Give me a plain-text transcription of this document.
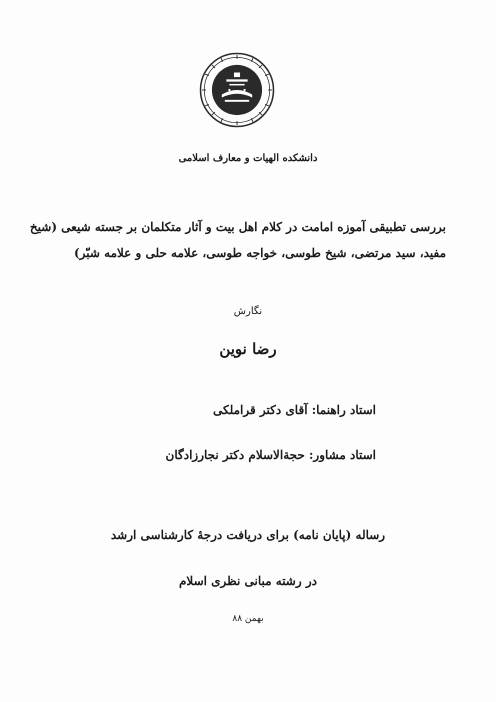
دانشکده الهیات و معارف اسلامی
بررسی تطبیقی آموزه امامت در کلام اهل بیت و آثار متکلمان بر جسته شیعی (شیخ
مفید، سید مرتضی، شیخ طوسی، خواجه طوسی، علامه حلی و علامه شبّر)
نگارش
رضا نوین
استاد راهنما: آقای دکتر قراملکی
استاد مشاور: حجةالاسلام دکتر نجارزادگان
رساله (پایان نامه) برای دریافت درجهٔ کارشناسی ارشد
در رشته مبانی نظری اسلام
بهمن ۸۸
